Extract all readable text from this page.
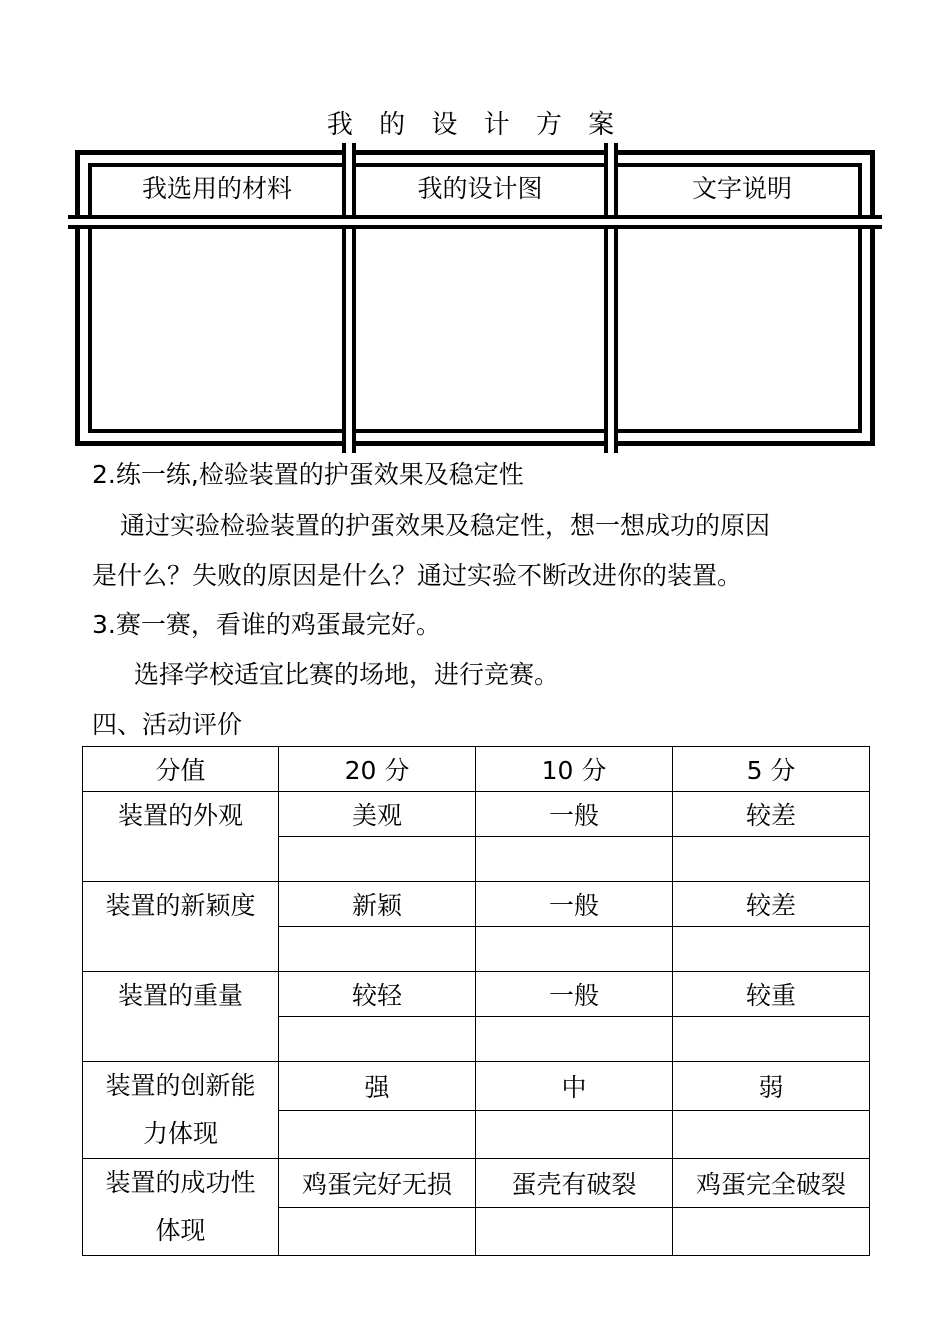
我 的 设 计 方 案
我选用的材料	我的设计图	文字说明
2.练一练,检验装置的护蛋效果及稳定性
通过实验检验装置的护蛋效果及稳定性，想一想成功的原因
是什么？失败的原因是什么？通过实验不断改进你的装置。
3.赛一赛，看谁的鸡蛋最完好。
选择学校适宜比赛的场地，进行竞赛。
四、活动评价
分值	20 分	10 分	5 分
装置的外观	美观	一般	较差

装置的新颖度	新颖	一般	较差

装置的重量	较轻	一般	较重

装置的创新能力体现	强	中	弱

装置的成功性体现	鸡蛋完好无损	蛋壳有破裂	鸡蛋完全破裂
